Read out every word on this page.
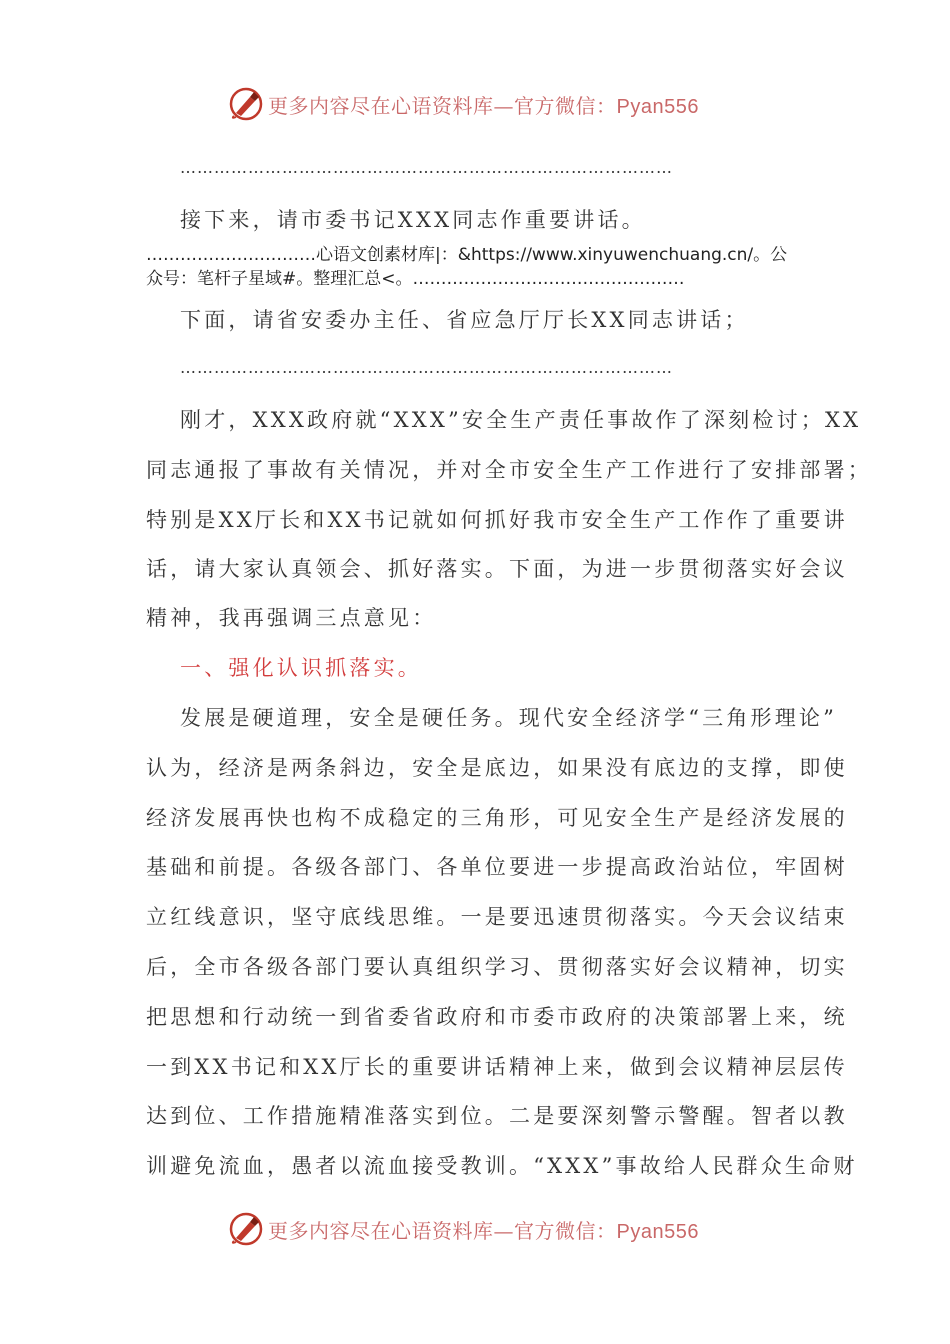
更多内容尽在心语资料库—官方微信：Pyan556
……………………………………………………………………………
接下来，请市委书记XXX同志作重要讲话。
…………………………心语文创素材库|：&https://www.xinyuwenchuang.cn/。公
众号：笔杆子星域#。整理汇总<。…………………………………………
下面，请省安委办主任、省应急厅厅长XX同志讲话；
……………………………………………………………………………
刚才，XXX政府就“XXX”安全生产责任事故作了深刻检讨；XX
同志通报了事故有关情况，并对全市安全生产工作进行了安排部署；
特别是XX厅长和XX书记就如何抓好我市安全生产工作作了重要讲
话，请大家认真领会、抓好落实。下面，为进一步贯彻落实好会议
精神，我再强调三点意见：
一、强化认识抓落实。
发展是硬道理，安全是硬任务。现代安全经济学“三角形理论”
认为，经济是两条斜边，安全是底边，如果没有底边的支撑，即使
经济发展再快也构不成稳定的三角形，可见安全生产是经济发展的
基础和前提。各级各部门、各单位要进一步提高政治站位，牢固树
立红线意识，坚守底线思维。一是要迅速贯彻落实。今天会议结束
后，全市各级各部门要认真组织学习、贯彻落实好会议精神，切实
把思想和行动统一到省委省政府和市委市政府的决策部署上来，统
一到XX书记和XX厅长的重要讲话精神上来，做到会议精神层层传
达到位、工作措施精准落实到位。二是要深刻警示警醒。智者以教
训避免流血，愚者以流血接受教训。“XXX”事故给人民群众生命财
更多内容尽在心语资料库—官方微信：Pyan556
